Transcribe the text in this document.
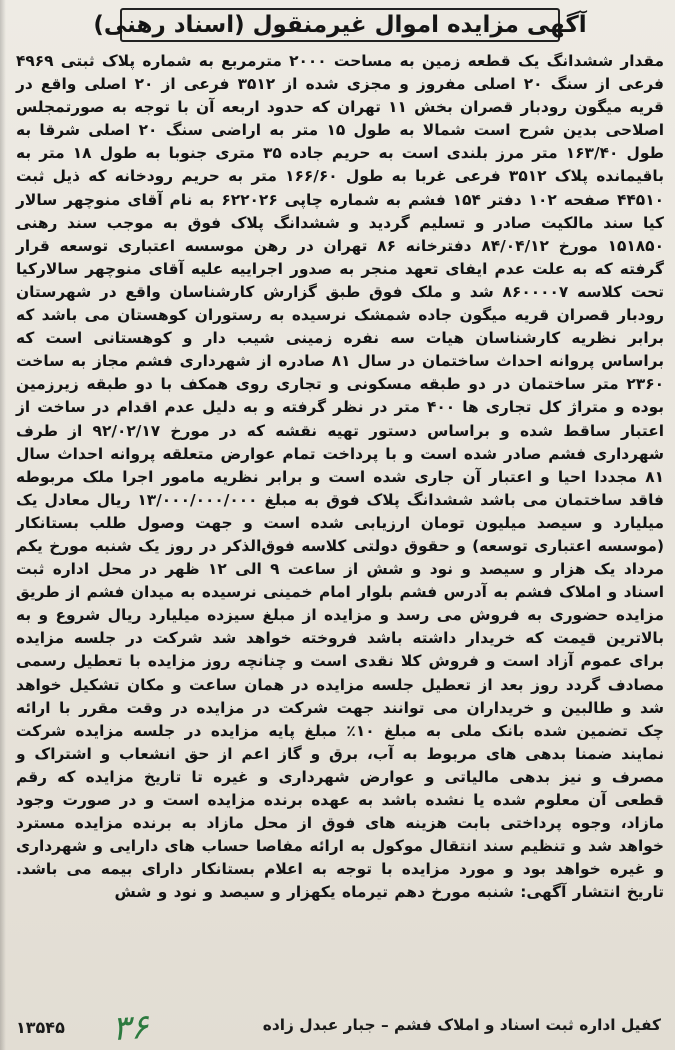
آگهی مزایده اموال غیرمنقول (اسناد رهنی)

مقدار ششدانگ یک قطعه زمین به مساحت ۲۰۰۰ مترمربع به شماره پلاک ثبتی ۴۹۶۹ فرعی از سنگ ۲۰ اصلی مفروز و مجزی شده از ۳۵۱۲ فرعی از ۲۰ اصلی واقع در قریه میگون رودبار قصران بخش ۱۱ تهران که حدود اربعه آن با توجه به صورتمجلس اصلاحی بدین شرح است شمالا به طول ۱۵ متر به اراضی سنگ ۲۰ اصلی شرقا به طول ۱۶۳/۴۰ متر مرز بلندی است به حریم جاده ۳۵ متری جنوبا به طول ۱۸ متر به باقیمانده پلاک ۳۵۱۲ فرعی غربا به طول ۱۶۶/۶۰ متر به حریم رودخانه که ذیل ثبت ۴۴۵۱۰ صفحه ۱۰۲ دفتر ۱۵۴ فشم به شماره چاپی ۶۲۲۰۲۶ به نام آقای منوچهر سالار کیا سند مالکیت صادر و تسلیم گردید و ششدانگ پلاک فوق به موجب سند رهنی ۱۵۱۸۵۰ مورخ ۸۴/۰۴/۱۲ دفترخانه ۸۶ تهران در رهن موسسه اعتباری توسعه قرار گرفته که به علت عدم ایفای تعهد منجر به صدور اجراییه علیه آقای منوچهر سالارکیا تحت کلاسه ۸۶۰۰۰۰۷ شد و ملک فوق طبق گزارش کارشناسان واقع در شهرستان رودبار قصران قریه میگون جاده شمشک نرسیده به رستوران کوهستان می باشد که برابر نظریه کارشناسان هیات سه نفره زمینی شیب دار و کوهستانی است که براساس پروانه احداث ساختمان در سال ۸۱ صادره از شهرداری فشم مجاز به ساخت ۲۳۶۰ متر ساختمان در دو طبقه مسکونی و تجاری روی همکف با دو طبقه زیرزمین بوده و متراژ کل تجاری ها ۴۰۰ متر در نظر گرفته و به دلیل عدم اقدام در ساخت از اعتبار ساقط شده و براساس دستور تهیه نقشه که در مورخ ۹۲/۰۲/۱۷ از طرف شهرداری فشم صادر شده است و با پرداخت تمام عوارض متعلقه پروانه احداث سال ۸۱ مجددا احیا و اعتبار آن جاری شده است و برابر نظریه مامور اجرا ملک مربوطه فاقد ساختمان می باشد ششدانگ پلاک فوق به مبلغ ۱۳/۰۰۰/۰۰۰/۰۰۰ ریال معادل یک میلیارد و سیصد میلیون تومان ارزیابی شده است و جهت وصول طلب بستانکار (موسسه اعتباری توسعه) و حقوق دولتی کلاسه فوق‌الذکر در روز یک شنبه مورخ یکم مرداد یک هزار و سیصد و نود و شش از ساعت ۹ الی ۱۲ ظهر در محل اداره ثبت اسناد و املاک فشم به آدرس فشم بلوار امام خمینی نرسیده به میدان فشم از طریق مزایده حضوری به فروش می رسد و مزایده از مبلغ سیزده میلیارد ریال شروع و به بالاترین قیمت که خریدار داشته باشد فروخته خواهد شد شرکت در جلسه مزایده برای عموم آزاد است و فروش کلا نقدی است و چنانچه روز مزایده با تعطیل رسمی مصادف گردد روز بعد از تعطیل جلسه مزایده در همان ساعت و مکان تشکیل خواهد شد و طالبین و خریداران می توانند جهت شرکت در مزایده در وقت مقرر با ارائه چک تضمین شده بانک ملی به مبلغ ۱۰٪ مبلغ پایه مزایده در جلسه مزایده شرکت نمایند ضمنا بدهی های مربوط به آب، برق و گاز اعم از حق انشعاب و اشتراک و مصرف و نیز بدهی مالیاتی و عوارض شهرداری و غیره تا تاریخ مزایده که رقم قطعی آن معلوم شده یا نشده باشد به عهده برنده مزایده است و در صورت وجود مازاد، وجوه پرداختی بابت هزینه های فوق از محل مازاد به برنده مزایده مسترد خواهد شد و تنظیم سند انتقال موکول به ارائه مفاصا حساب های دارایی و شهرداری و غیره خواهد بود و مورد مزایده با توجه به اعلام بستانکار دارای بیمه می باشد. تاریخ انتشار آگهی: شنبه مورخ دهم تیرماه یکهزار و سیصد و نود و شش

۳۶	کفیل اداره ثبت اسناد و املاک فشم – جبار عبدل زاده
۱۳۵۴۵
